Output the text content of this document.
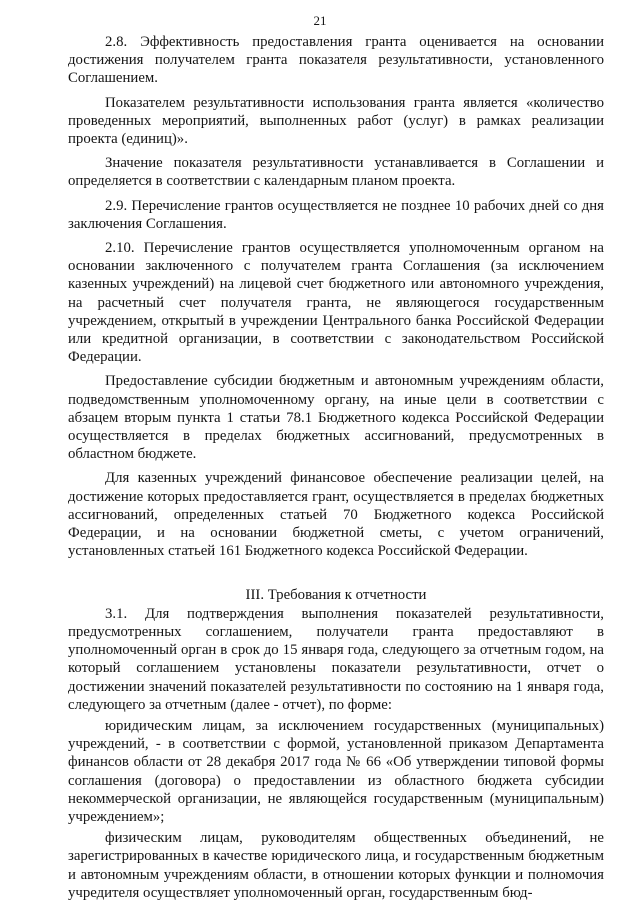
21

2.8. Эффективность предоставления гранта оценивается на основании достижения получателем гранта показателя результативности, установленного Соглашением.

Показателем результативности использования гранта является «количество проведенных мероприятий, выполненных работ (услуг) в рамках реализации проекта (единиц)».

Значение показателя результативности устанавливается в Соглашении и определяется в соответствии с календарным планом проекта.

2.9. Перечисление грантов осуществляется не позднее 10 рабочих дней со дня заключения Соглашения.

2.10. Перечисление грантов осуществляется уполномоченным органом на основании заключенного с получателем гранта Соглашения (за исключением казенных учреждений) на лицевой счет бюджетного или автономного учреждения, на расчетный счет получателя гранта, не являющегося государственным учреждением, открытый в учреждении Центрального банка Российской Федерации или кредитной организации, в соответствии с законодательством Российской Федерации.

Предоставление субсидии бюджетным и автономным учреждениям области, подведомственным уполномоченному органу, на иные цели в соответствии с абзацем вторым пункта 1 статьи 78.1 Бюджетного кодекса Российской Федерации осуществляется в пределах бюджетных ассигнований, предусмотренных в областном бюджете.

Для казенных учреждений финансовое обеспечение реализации целей, на достижение которых предоставляется грант, осуществляется в пределах бюджетных ассигнований, определенных статьей 70 Бюджетного кодекса Российской Федерации, и на основании бюджетной сметы, с учетом ограничений, установленных статьей 161 Бюджетного кодекса Российской Федерации.

III. Требования к отчетности

3.1. Для подтверждения выполнения показателей результативности, предусмотренных соглашением, получатели гранта предоставляют в уполномоченный орган в срок до 15 января года, следующего за отчетным годом, на который соглашением установлены показатели результативности, отчет о достижении значений показателей результативности по состоянию на 1 января года, следующего за отчетным (далее - отчет), по форме:

юридическим лицам, за исключением государственных (муниципальных) учреждений, - в соответствии с формой, установленной приказом Департамента финансов области от 28 декабря 2017 года № 66 «Об утверждении типовой формы соглашения (договора) о предоставлении из областного бюджета субсидии некоммерческой организации, не являющейся государственным (муниципальным) учреждением»;

физическим лицам, руководителям общественных объединений, не зарегистрированных в качестве юридического лица, и государственным бюджетным и автономным учреждениям области, в отношении которых функции и полномочия учредителя осуществляет уполномоченный орган, государственным бюд-
